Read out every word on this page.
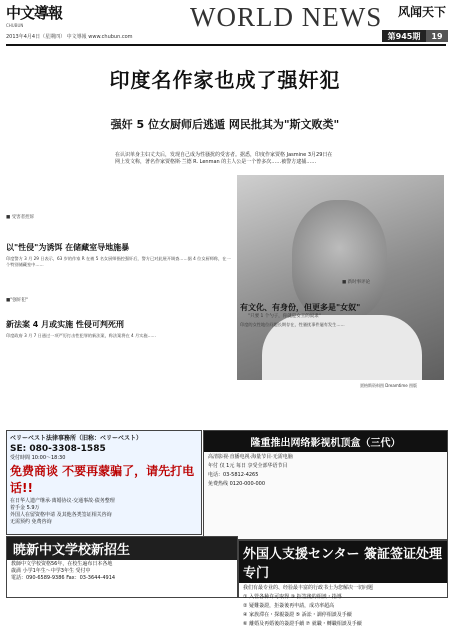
中文導報
CHUBUN	WORLD NEWS 风闻天下
第945期	19
2013年4月4日（星期四） 中文導報 www.chubun.com
印度名作家也成了强奸犯
强奸 5 位女厨师后逃遁 网民批其为"斯文败类"
在认识单身主妇丈夫后，发现自己成为性骚扰的受害者。据悉，印度作家贾格 Jasmine 3月29日在网上发文称，著名作家贾格斯·兰德 R. Lenman 的主人公是一个曾多次……被警方逮捕……
贾格斯资料图 Dreamtime 图版
■ 受害者控诉
以"性侵"为诱饵 在储藏室导地施暴
印度警方 3 月 29 日表示，63 岁的作家 R 在被 5 名女厨师指控强奸后，警方已对此展开调查……据 4 位女厨师称，在一个特别储藏室中……
■"强奸犯"
新法案 4 月或实施 性侵可判死刑
印度政府 3 月 7 日通过一项严厉打击性犯罪的新法案，称法案将在 4 月实施……
■ 新时事评论
有文化、有身份，但更多是"女奴"
"只要 1 个勺子，你就是女王的奴隶"
印度的女性地位问题长期存在，性骚扰事件屡有发生……
ベリーベスト法律事務所（旧称：ベリーベスト）
SE: 080-3308-1585
受付時間 10:00〜18:30
免费商谈 不要再蒙骗了，请先打电话!!
在日华人遗产继承·离婚协议·交通事故·债务整理
着手金 5.9万
外国人在留资格申请 及其他各类签证相关咨询
无需预约 免费咨询
隆重推出网络影视机顶盒（三代）
高清影视·直播电视·海量节目·无需电脑
年付 仅 1元 每日 享受全部华语节目
电话：03-5812-4265
免费热线 0120-000-000
暁新中文学校新招生
教師中文学校资格56年，在校生遍布日本各地
歳満 小学1年生～中学3年生 受付中
電話：090-6589-9386 Fax：03-3644-4914
外国人支援センター 簽証签证处理专门
我们有最专业的、经验最丰富的行政书士为您解决一切问题
① 入管各种许可取得 ③ 拒签後的相談・指導
② 疑難簽證，拒簽後再申請，成功率超高
④ 家族滞在・探親簽證 ⑤ 訴訟・調停相談及手續
⑥ 離婚及再婚後的簽證手續 ⑦ 就職・轉職相談及手續
